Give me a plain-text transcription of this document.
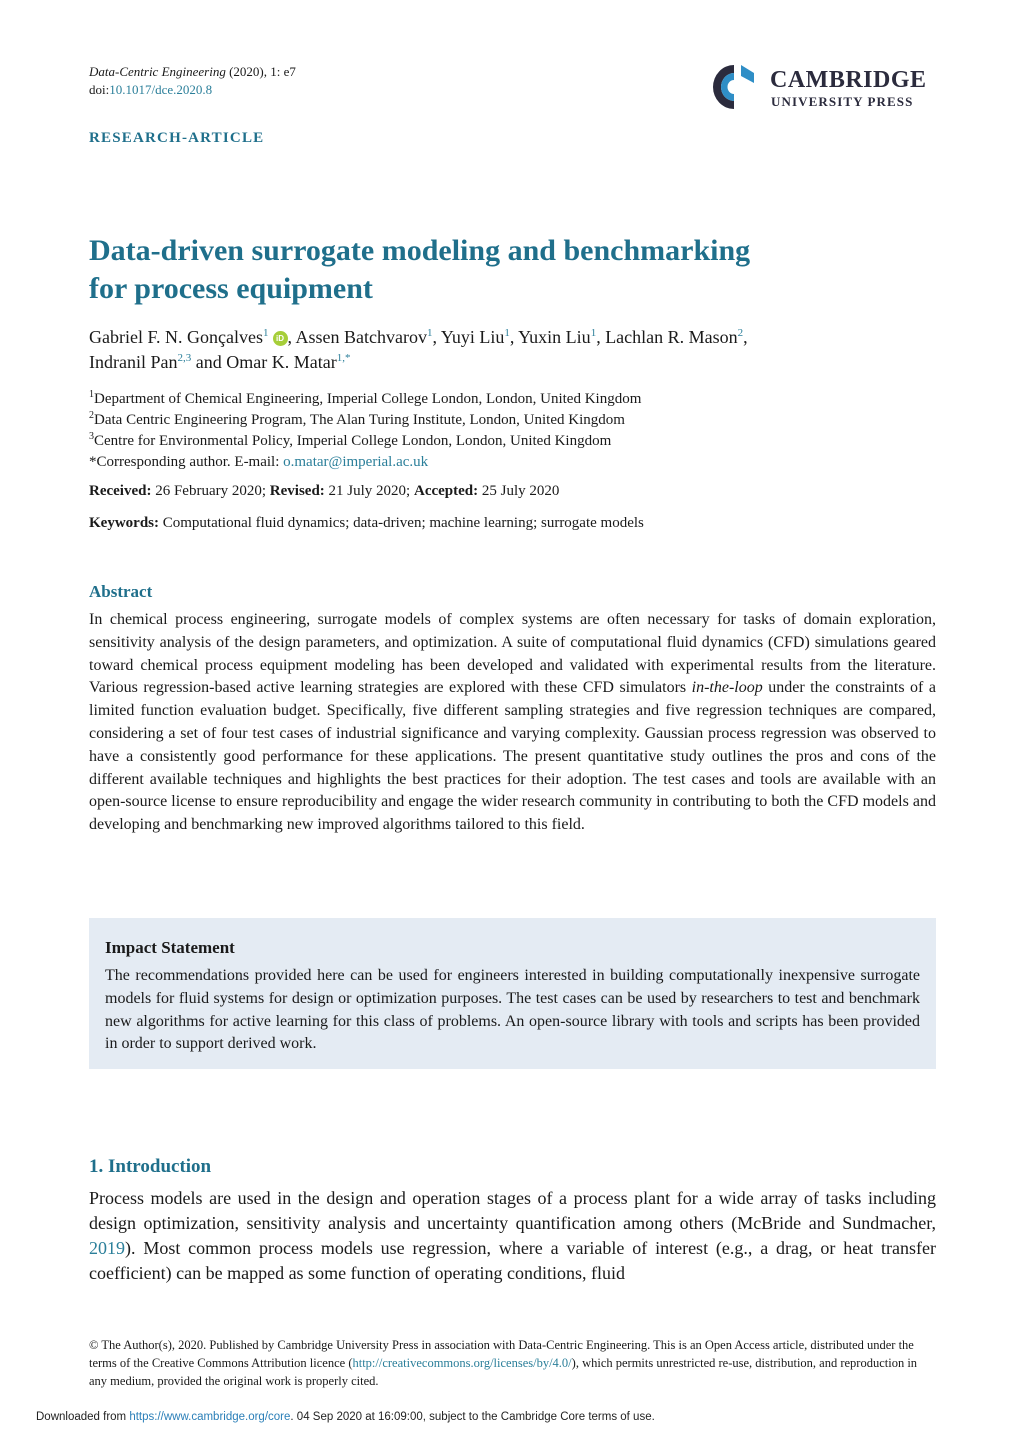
Data-Centric Engineering (2020), 1: e7
doi:10.1017/dce.2020.8	CAMBRIDGE
UNIVERSITY PRESS
RESEARCH-ARTICLE
Data-driven surrogate modeling and benchmarking
for process equipment
Gabriel F. N. Gonçalves$^1$ iD , Assen Batchvarov$^1$, Yuyi Liu$^1$, Yuxin Liu$^1$, Lachlan R. Mason$^2$,
Indranil Pan$^{2,3}$ and Omar K. Matar$^{1,*}$
$^1$Department of Chemical Engineering, Imperial College London, London, United Kingdom
$^2$Data Centric Engineering Program, The Alan Turing Institute, London, United Kingdom
$^3$Centre for Environmental Policy, Imperial College London, London, United Kingdom
*Corresponding author. E-mail: o.matar@imperial.ac.uk
Received: 26 February 2020; Revised: 21 July 2020; Accepted: 25 July 2020
Keywords: Computational fluid dynamics; data-driven; machine learning; surrogate models
Abstract

In chemical process engineering, surrogate models of complex systems are often necessary for tasks of domain exploration, sensitivity analysis of the design parameters, and optimization. A suite of computational fluid dynamics (CFD) simulations geared toward chemical process equipment modeling has been developed and validated with experimental results from the literature. Various regression-based active learning strategies are explored with these CFD simulators in-the-loop under the constraints of a limited function evaluation budget. Specifically, five different sampling strategies and five regression techniques are compared, considering a set of four test cases of industrial significance and varying complexity. Gaussian process regression was observed to have a consistently good performance for these applications. The present quantitative study outlines the pros and cons of the different available techniques and highlights the best practices for their adoption. The test cases and tools are available with an open-source license to ensure reproducibility and engage the wider research community in contributing to both the CFD models and developing and benchmarking new improved algorithms tailored to this field.

Impact Statement
The recommendations provided here can be used for engineers interested in building computationally inexpensive surrogate models for fluid systems for design or optimization purposes. The test cases can be used by researchers to test and benchmark new algorithms for active learning for this class of problems. An open-source library with tools and scripts has been provided in order to support derived work.
1. Introduction
Process models are used in the design and operation stages of a process plant for a wide array of tasks including design optimization, sensitivity analysis and uncertainty quantification among others (McBride and Sundmacher, 2019). Most common process models use regression, where a variable of interest (e.g., a drag, or heat transfer coefficient) can be mapped as some function of operating conditions, fluid
© The Author(s), 2020. Published by Cambridge University Press in association with Data-Centric Engineering. This is an Open Access article, distributed under the terms of the Creative Commons Attribution licence (http://creativecommons.org/licenses/by/4.0/), which permits unrestricted re-use, distribution, and reproduction in any medium, provided the original work is properly cited.
Downloaded from https://www.cambridge.org/core. 04 Sep 2020 at 16:09:00, subject to the Cambridge Core terms of use.
